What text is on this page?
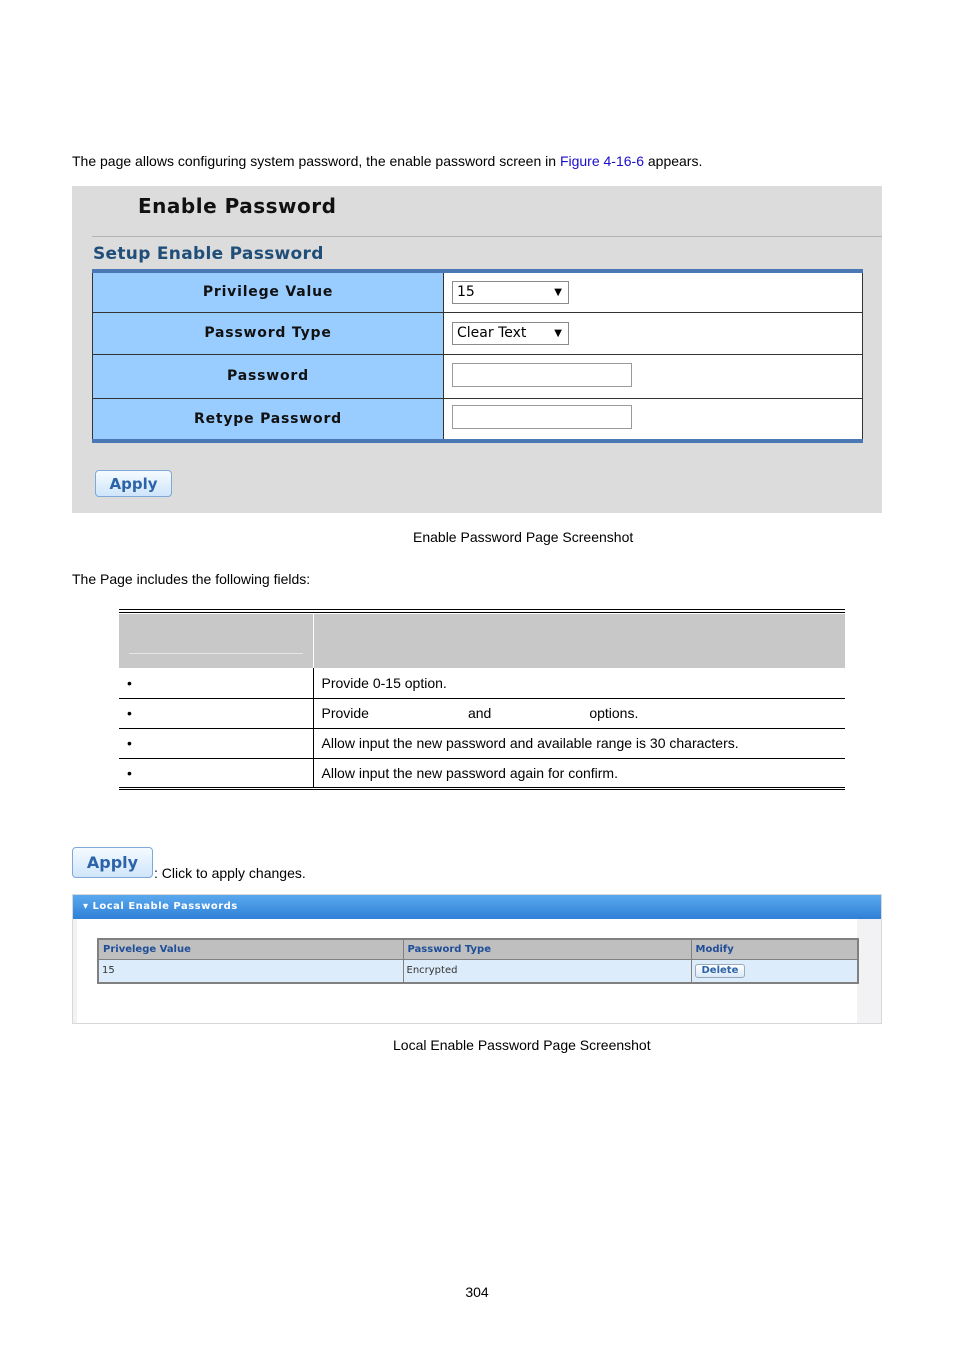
The page allows configuring system password, the enable password screen in Figure 4-16-6 appears.
Enable Password
Setup Enable Password
Privilege Value	15 ▼

Password Type	Clear Text ▼

Password	
Retype Password	
Apply
Enable Password Page Screenshot
The Page includes the following fields:

•	Provide 0-15 option.
•	Provide and options.
•	Allow input the new password and available range is 30 characters.
•	Allow input the new password again for confirm.
Apply
: Click to apply changes.
▾ Local Enable Passwords
Privelege Value	Password Type	Modify
15	Encrypted	Delete
Local Enable Password Page Screenshot
304
